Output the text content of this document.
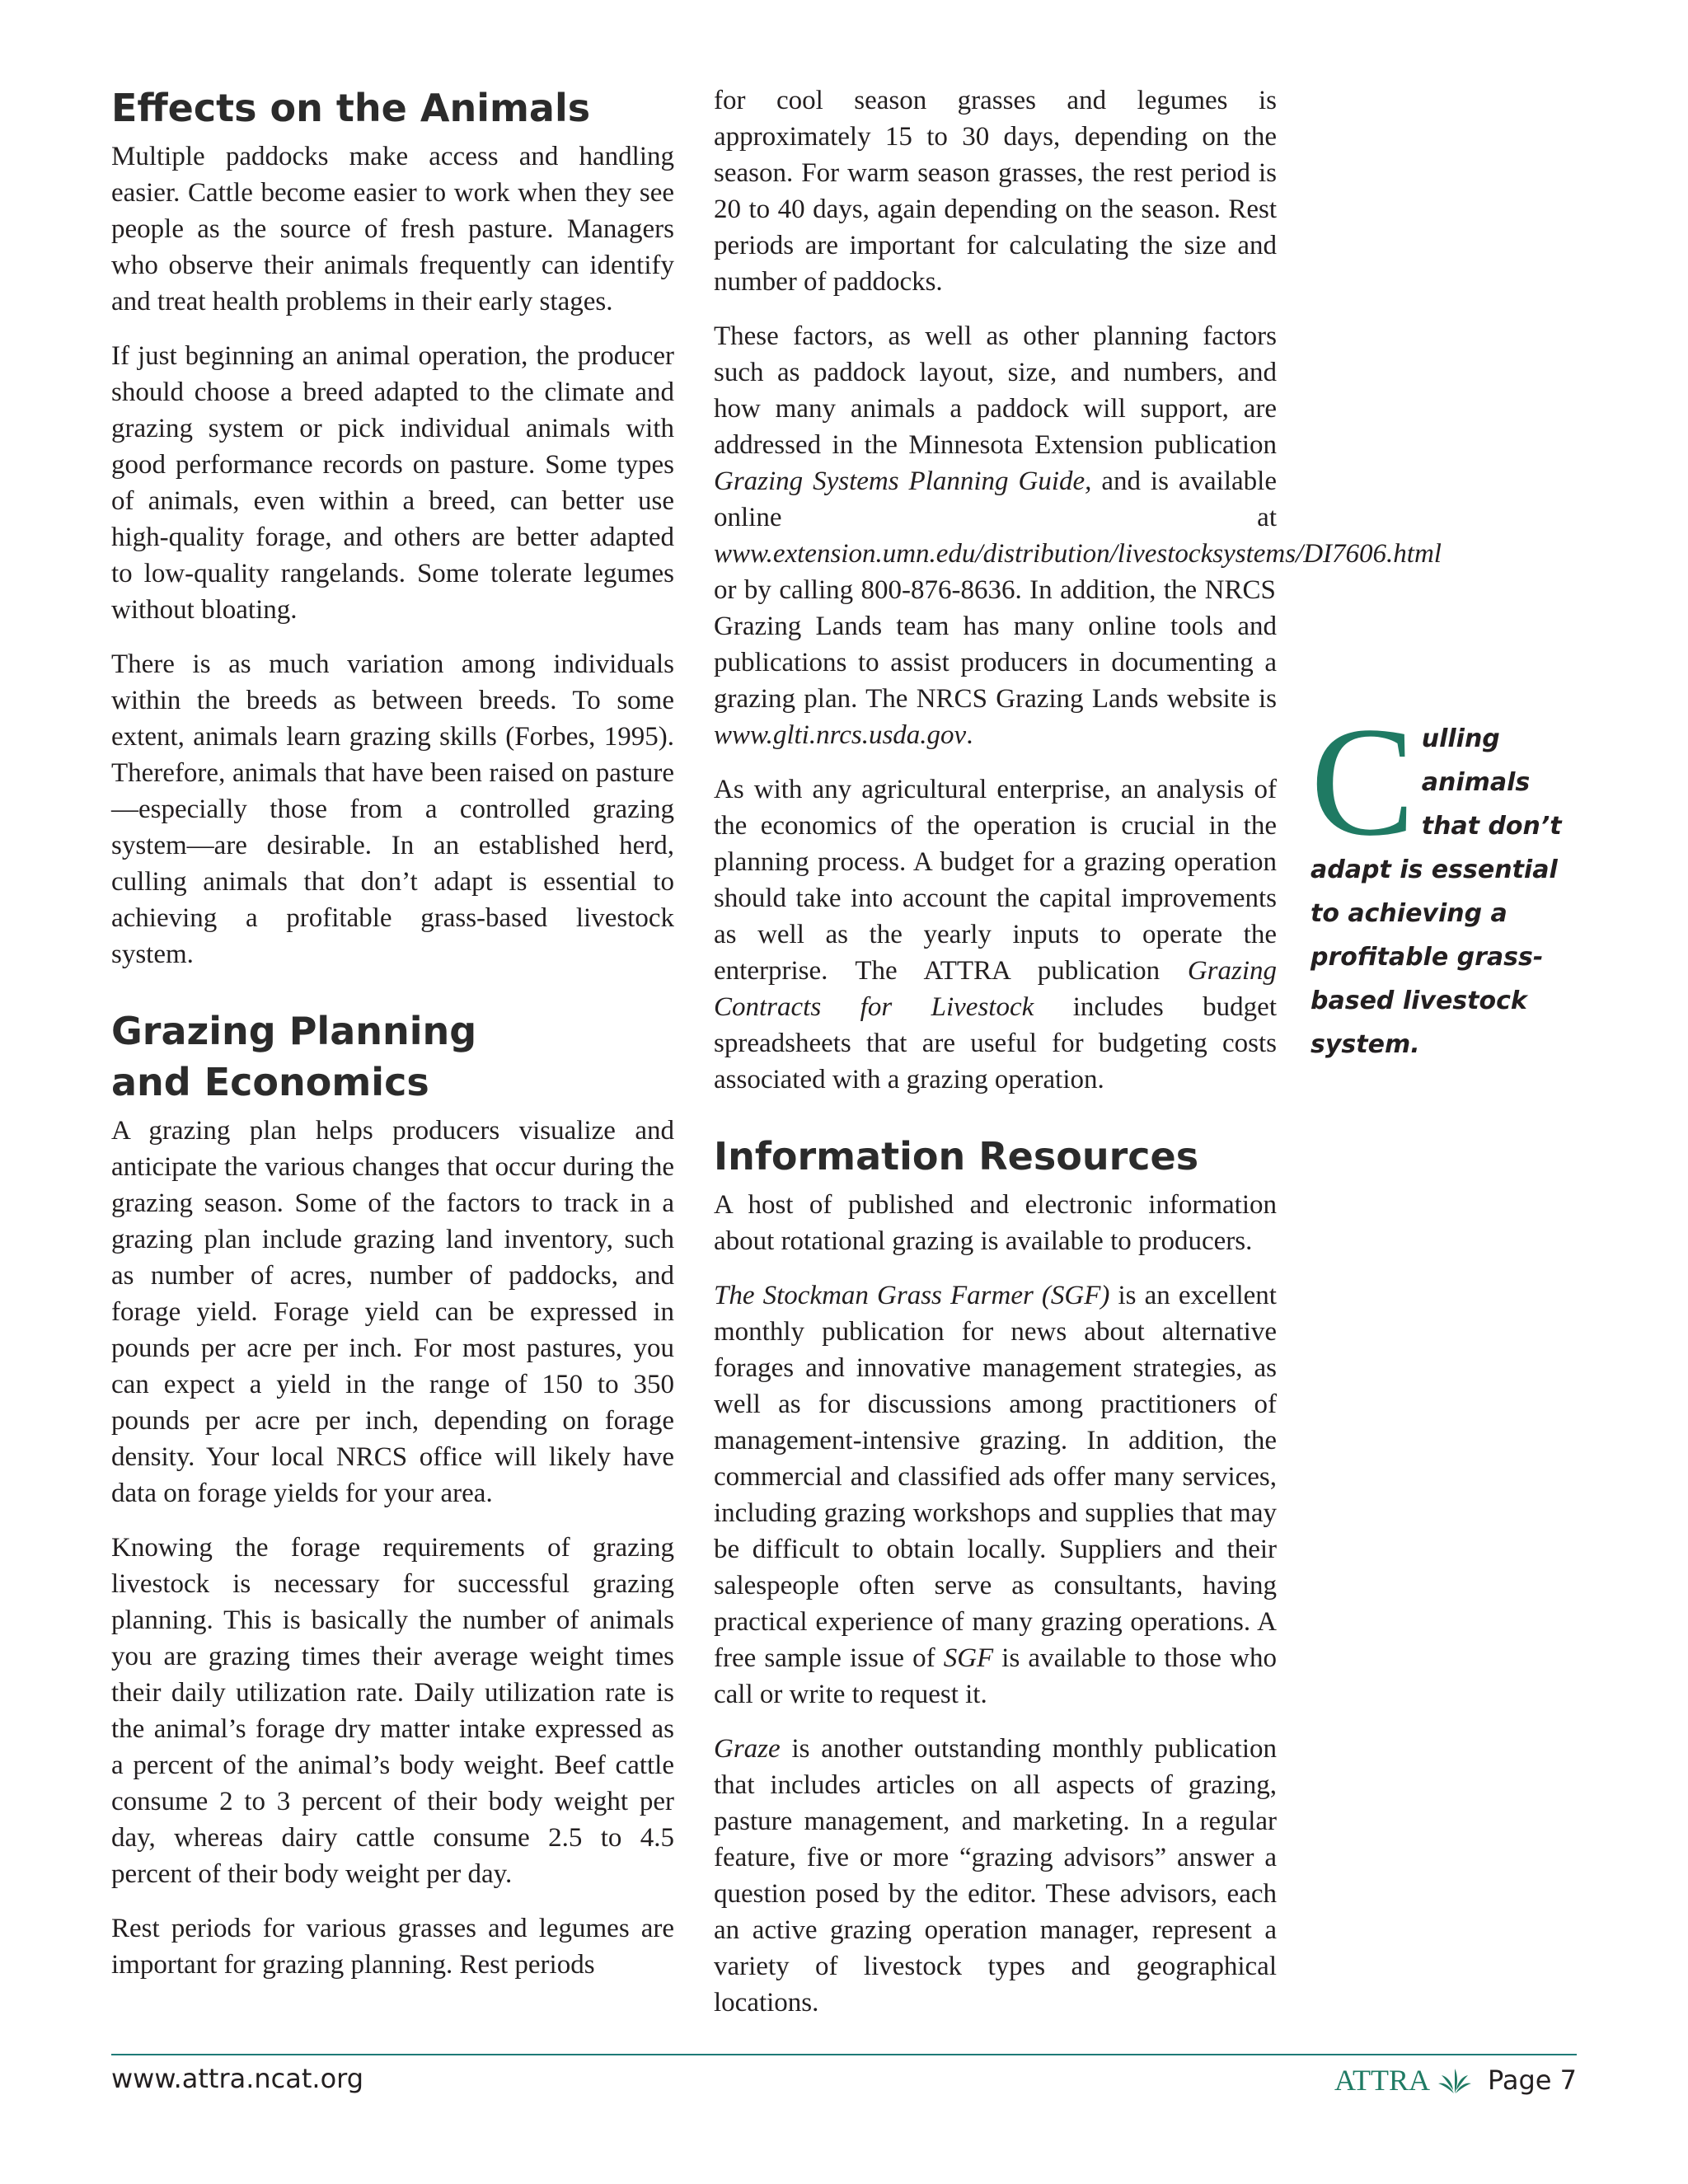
Effects on the Animals

Multiple paddocks make access and handling easier. Cattle become easier to work when they see people as the source of fresh pasture. Managers who observe their animals frequently can identify and treat health problems in their early stages.

If just beginning an animal operation, the producer should choose a breed adapted to the climate and grazing system or pick individual animals with good performance records on pasture. Some types of animals, even within a breed, can better use high-quality forage, and others are better adapted to low-quality rangelands. Some tolerate legumes without bloating.

There is as much variation among individuals within the breeds as between breeds. To some extent, animals learn grazing skills (Forbes, 1995). Therefore, animals that have been raised on pasture—especially those from a controlled grazing system—are desirable. In an established herd, culling animals that don’t adapt is essential to achieving a profitable grass-based livestock system.

Grazing Planning
and Economics

A grazing plan helps producers visualize and anticipate the various changes that occur during the grazing season. Some of the factors to track in a grazing plan include grazing land inventory, such as number of acres, number of paddocks, and forage yield. Forage yield can be expressed in pounds per acre per inch. For most pastures, you can expect a yield in the range of 150 to 350 pounds per acre per inch, depending on forage density. Your local NRCS office will likely have data on forage yields for your area.

Knowing the forage requirements of grazing livestock is necessary for successful grazing planning. This is basically the number of animals you are grazing times their average weight times their daily utilization rate. Daily utilization rate is the animal’s forage dry matter intake expressed as a percent of the animal’s body weight. Beef cattle consume 2 to 3 percent of their body weight per day, whereas dairy cattle consume 2.5 to 4.5 percent of their body weight per day.

Rest periods for various grasses and legumes are important for grazing planning. Rest periods

for cool season grasses and legumes is approximately 15 to 30 days, depending on the season. For warm season grasses, the rest period is 20 to 40 days, again depending on the season. Rest periods are important for calculating the size and number of paddocks.

These factors, as well as other planning factors such as paddock layout, size, and numbers, and how many animals a paddock will support, are addressed in the Minnesota Extension publication Grazing Systems Planning Guide, and is available online at www.extension.umn.edu/distribution/livestocksystems/DI7606.html or by calling 800-876-8636. In addition, the NRCS Grazing Lands team has many online tools and publications to assist producers in documenting a grazing plan. The NRCS Grazing Lands website is www.glti.nrcs.usda.gov.

As with any agricultural enterprise, an analysis of the economics of the operation is crucial in the planning process. A budget for a grazing operation should take into account the capital improvements as well as the yearly inputs to operate the enterprise. The ATTRA publication Grazing Contracts for Livestock includes budget spreadsheets that are useful for budgeting costs associated with a grazing operation.

Information Resources

A host of published and electronic information about rotational grazing is available to producers.

The Stockman Grass Farmer (SGF) is an excellent monthly publication for news about alternative forages and innovative management strategies, as well as for discussions among practitioners of management-intensive grazing. In addition, the commercial and classified ads offer many services, including grazing workshops and supplies that may be difficult to obtain locally. Suppliers and their salespeople often serve as consultants, having practical experience of many grazing operations. A free sample issue of SGF is available to those who call or write to request it.

Graze is another outstanding monthly publication that includes articles on all aspects of grazing, pasture management, and marketing. In a regular feature, five or more “grazing advisors” answer a question posed by the editor. These advisors, each an active grazing operation manager, represent a variety of livestock types and geographical locations.

C ulling animals that don’t adapt is essential to achieving a profitable grass-based livestock system.
www.attra.ncat.org	ATTRA Page 7
